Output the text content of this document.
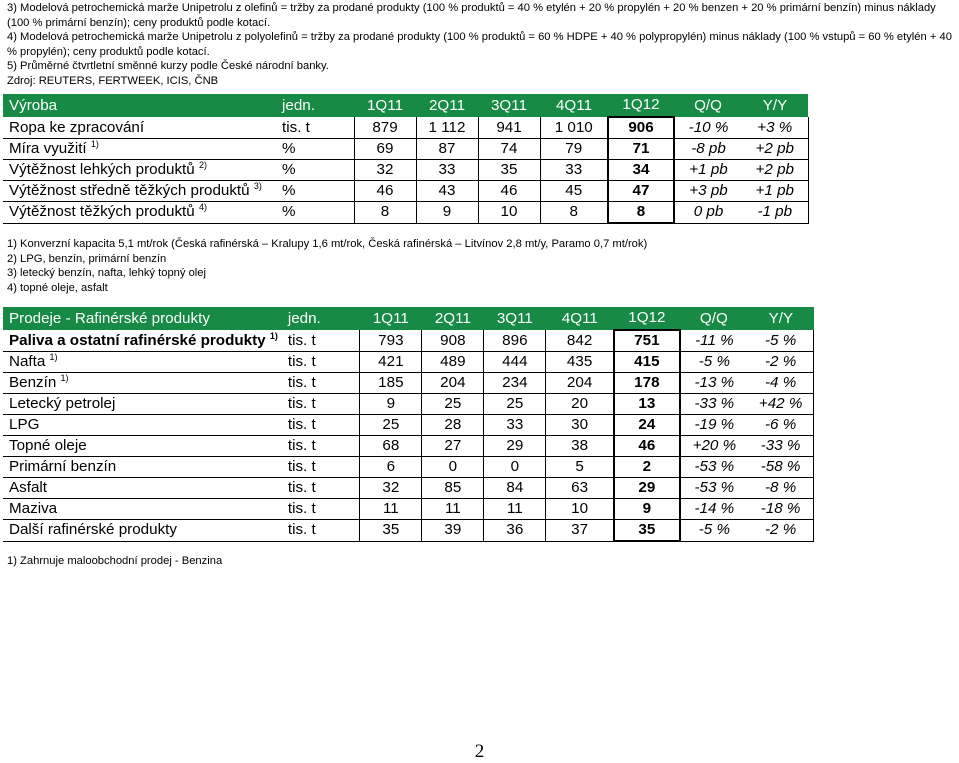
3) Modelová petrochemická marže Unipetrolu z olefinů = tržby za prodané produkty (100 % produktů = 40 % etylén + 20 % propylén + 20 % benzen + 20 % primární benzín) minus náklady (100 % primární benzín); ceny produktů podle kotací.

4) Modelová petrochemická marže Unipetrolu z polyolefinů = tržby za prodané produkty (100 % produktů = 60 % HDPE + 40 % polypropylén) minus náklady (100 % vstupů = 60 % etylén + 40 % propylén); ceny produktů podle kotací.

5) Průměrné čtvrtletní směnné kurzy podle České národní banky.

Zdroj: REUTERS, FERTWEEK, ICIS, ČNB

Výroba	jedn.	1Q11	2Q11	3Q11	4Q11	1Q12	Q/Q	Y/Y
Ropa ke zpracování	tis. t	879	1 112	941	1 010	906	-10 %	+3 %
Míra využití $^{1)}$	%	69	87	74	79	71	-8 pb	+2 pb
Výtěžnost lehkých produktů $^{2)}$	%	32	33	35	33	34	+1 pb	+2 pb
Výtěžnost středně těžkých produktů $^{3)}$	%	46	43	46	45	47	+3 pb	+1 pb
Výtěžnost těžkých produktů $^{4)}$	%	8	9	10	8	8	0 pb	-1 pb

1) Konverzní kapacita 5,1 mt/rok (Česká rafinérská – Kralupy 1,6 mt/rok, Česká rafinérská – Litvínov 2,8 mt/y, Paramo 0,7 mt/rok)

2) LPG, benzín, primární benzín

3) letecký benzín, nafta, lehký topný olej

4) topné oleje, asfalt

Prodeje - Rafinérské produkty	jedn.	1Q11	2Q11	3Q11	4Q11	1Q12	Q/Q	Y/Y
Paliva a ostatní rafinérské produkty $^{1)}$	tis. t	793	908	896	842	751	-11 %	-5 %
Nafta $^{1)}$	tis. t	421	489	444	435	415	-5 %	-2 %
Benzín $^{1)}$	tis. t	185	204	234	204	178	-13 %	-4 %
Letecký petrolej	tis. t	9	25	25	20	13	-33 %	+42 %
LPG	tis. t	25	28	33	30	24	-19 %	-6 %
Topné oleje	tis. t	68	27	29	38	46	+20 %	-33 %
Primární benzín	tis. t	6	0	0	5	2	-53 %	-58 %
Asfalt	tis. t	32	85	84	63	29	-53 %	-8 %
Maziva	tis. t	11	11	11	10	9	-14 %	-18 %
Další rafinérské produkty	tis. t	35	39	36	37	35	-5 %	-2 %

1) Zahrnuje maloobchodní prodej - Benzina

2
